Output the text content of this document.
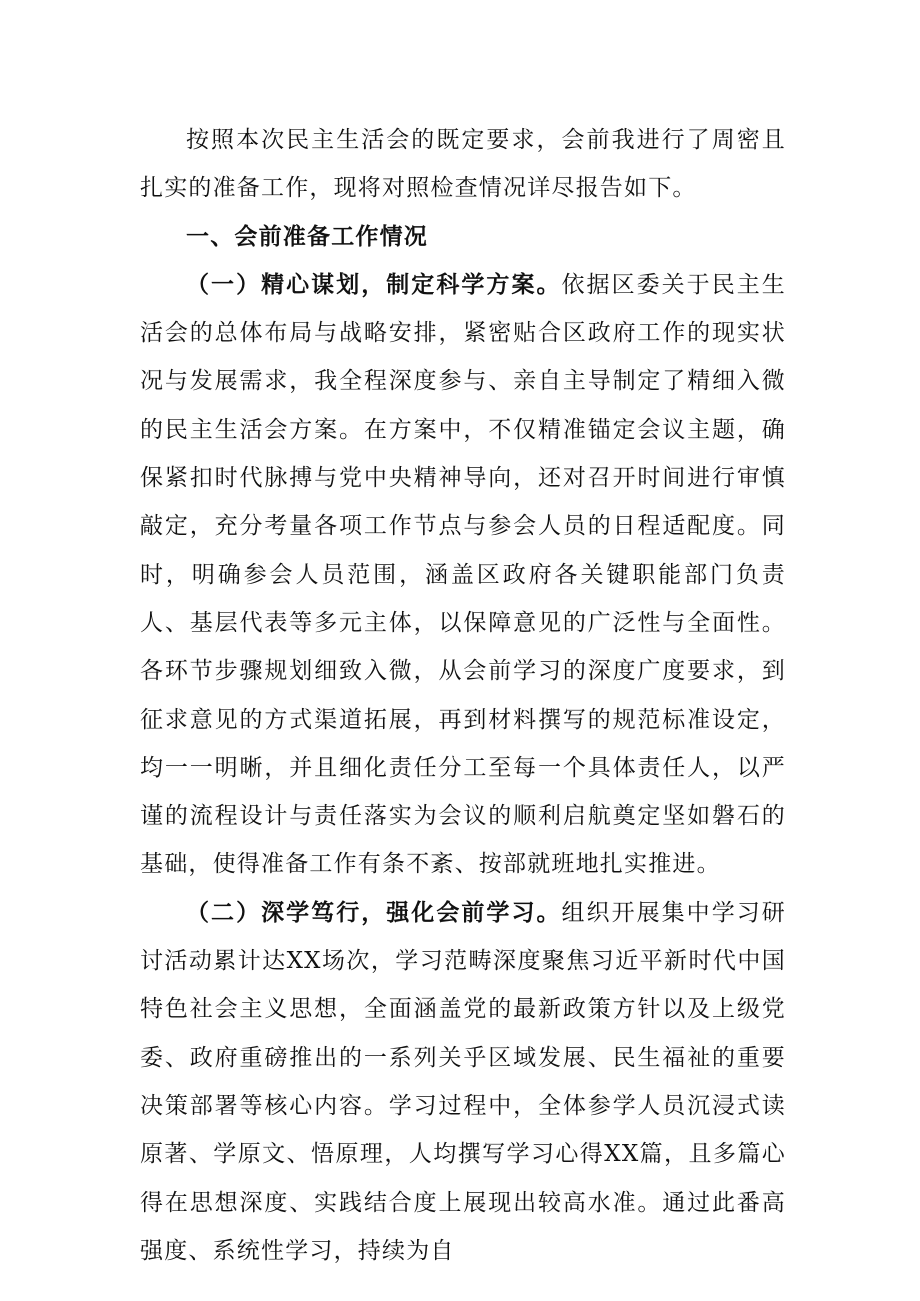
按照本次民主生活会的既定要求，会前我进行了周密且扎实的准备工作，现将对照检查情况详尽报告如下。

一、会前准备工作情况

（一）精心谋划，制定科学方案。依据区委关于民主生活会的总体布局与战略安排，紧密贴合区政府工作的现实状况与发展需求，我全程深度参与、亲自主导制定了精细入微的民主生活会方案。在方案中，不仅精准锚定会议主题，确保紧扣时代脉搏与党中央精神导向，还对召开时间进行审慎敲定，充分考量各项工作节点与参会人员的日程适配度。同时，明确参会人员范围，涵盖区政府各关键职能部门负责人、基层代表等多元主体，以保障意见的广泛性与全面性。各环节步骤规划细致入微，从会前学习的深度广度要求，到征求意见的方式渠道拓展，再到材料撰写的规范标准设定，均一一明晰，并且细化责任分工至每一个具体责任人，以严谨的流程设计与责任落实为会议的顺利启航奠定坚如磐石的基础，使得准备工作有条不紊、按部就班地扎实推进。

（二）深学笃行，强化会前学习。组织开展集中学习研讨活动累计达XX场次，学习范畴深度聚焦习近平新时代中国特色社会主义思想，全面涵盖党的最新政策方针以及上级党委、政府重磅推出的一系列关乎区域发展、民生福祉的重要决策部署等核心内容。学习过程中，全体参学人员沉浸式读原著、学原文、悟原理，人均撰写学习心得XX篇，且多篇心得在思想深度、实践结合度上展现出较高水准。通过此番高强度、系统性学习，持续为自
